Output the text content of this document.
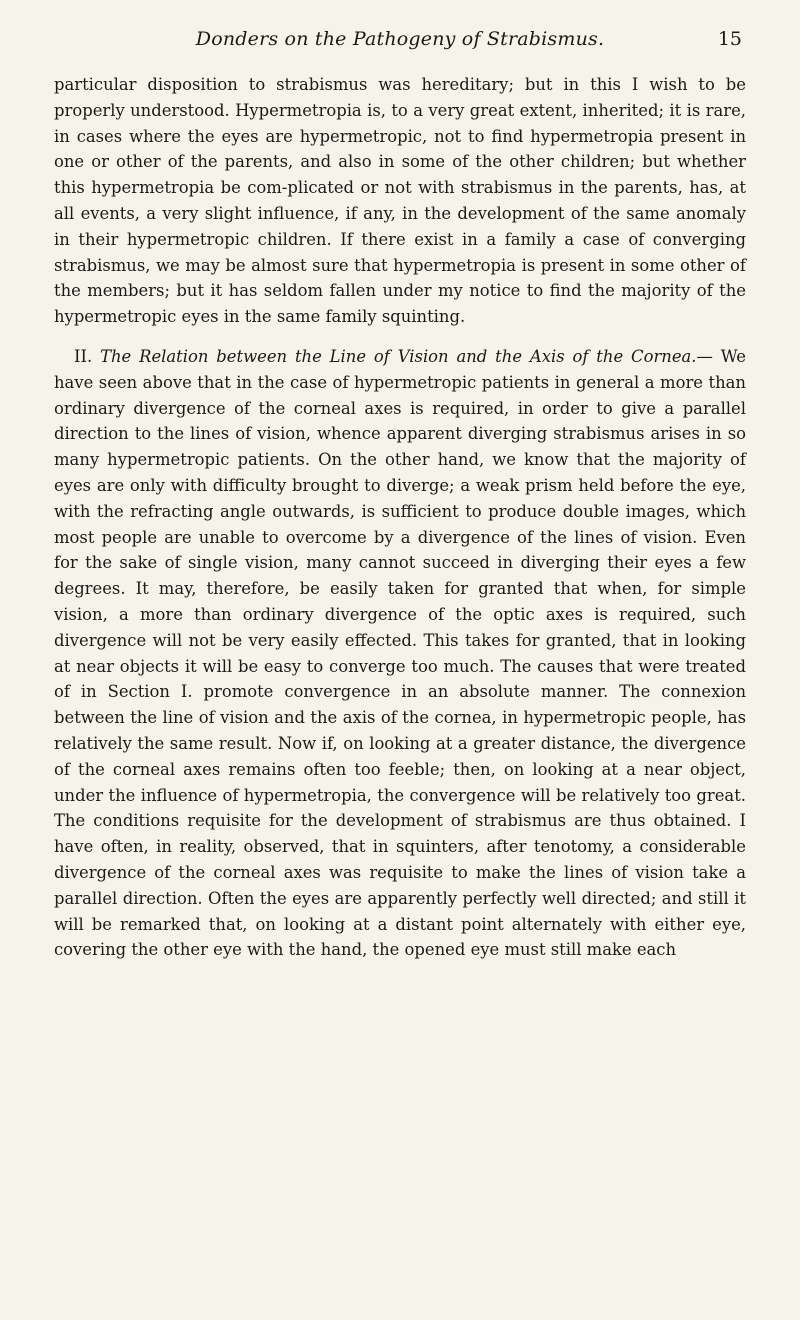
Donders on the Pathogeny of Strabismus.	15

particular disposition to strabismus was hereditary; but in this I wish to be properly understood. Hypermetropia is, to a very great extent, inherited; it is rare, in cases where the eyes are hypermetropic, not to find hypermetropia present in one or other of the parents, and also in some of the other children; but whether this hypermetropia be com-plicated or not with strabismus in the parents, has, at all events, a very slight influence, if any, in the development of the same anomaly in their hypermetropic children. If there exist in a family a case of converging strabismus, we may be almost sure that hypermetropia is present in some other of the members; but it has seldom fallen under my notice to find the majority of the hypermetropic eyes in the same family squinting.

II. The Relation between the Line of Vision and the Axis of the Cornea.— We have seen above that in the case of hypermetropic patients in general a more than ordinary divergence of the corneal axes is required, in order to give a parallel direction to the lines of vision, whence apparent diverging strabismus arises in so many hypermetropic patients. On the other hand, we know that the majority of eyes are only with difficulty brought to diverge; a weak prism held before the eye, with the refracting angle outwards, is sufficient to produce double images, which most people are unable to overcome by a divergence of the lines of vision. Even for the sake of single vision, many cannot succeed in diverging their eyes a few degrees. It may, therefore, be easily taken for granted that when, for simple vision, a more than ordinary divergence of the optic axes is required, such divergence will not be very easily effected. This takes for granted, that in looking at near objects it will be easy to converge too much. The causes that were treated of in Section I. promote convergence in an absolute manner. The connexion between the line of vision and the axis of the cornea, in hypermetropic people, has relatively the same result. Now if, on looking at a greater distance, the divergence of the corneal axes remains often too feeble; then, on looking at a near object, under the influence of hypermetropia, the convergence will be relatively too great. The conditions requisite for the development of strabismus are thus obtained. I have often, in reality, observed, that in squinters, after tenotomy, a considerable divergence of the corneal axes was requisite to make the lines of vision take a parallel direction. Often the eyes are apparently perfectly well directed; and still it will be remarked that, on looking at a distant point alternately with either eye, covering the other eye with the hand, the opened eye must still make each
